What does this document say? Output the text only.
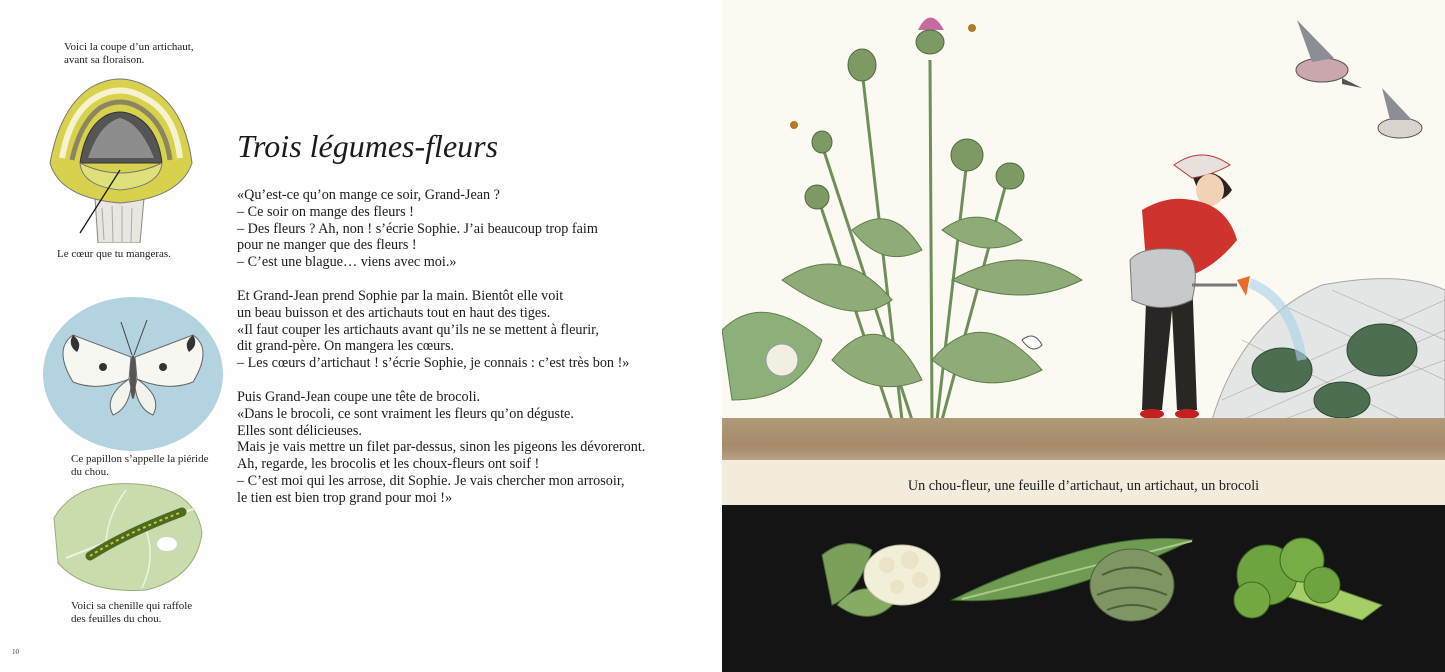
Voici la coupe d’un artichaut,
avant sa floraison.
Le cœur que tu mangeras.
Ce papillon s’appelle la piéride
du chou.
Voici sa chenille qui raffole
des feuilles du chou.
Trois légumes-fleurs
«Qu’est-ce qu’on mange ce soir, Grand-Jean ?
– Ce soir on mange des fleurs !
– Des fleurs ? Ah, non ! s’écrie Sophie. J’ai beaucoup trop faim
pour ne manger que des fleurs !
– C’est une blague… viens avec moi.»
Et Grand-Jean prend Sophie par la main. Bientôt elle voit
un beau buisson et des artichauts tout en haut des tiges.
«Il faut couper les artichauts avant qu’ils ne se mettent à fleurir,
dit grand-père. On mangera les cœurs.
– Les cœurs d’artichaut ! s’écrie Sophie, je connais : c’est très bon !»
Puis Grand-Jean coupe une tête de brocoli.
«Dans le brocoli, ce sont vraiment les fleurs qu’on déguste.
Elles sont délicieuses.
Mais je vais mettre un filet par-dessus, sinon les pigeons les dévoreront.
Ah, regarde, les brocolis et les choux-fleurs ont soif !
– C’est moi qui les arrose, dit Sophie. Je vais chercher mon arrosoir,
le tien est bien trop grand pour moi !»
10
Un chou-fleur, une feuille d’artichaut, un artichaut, un brocoli
